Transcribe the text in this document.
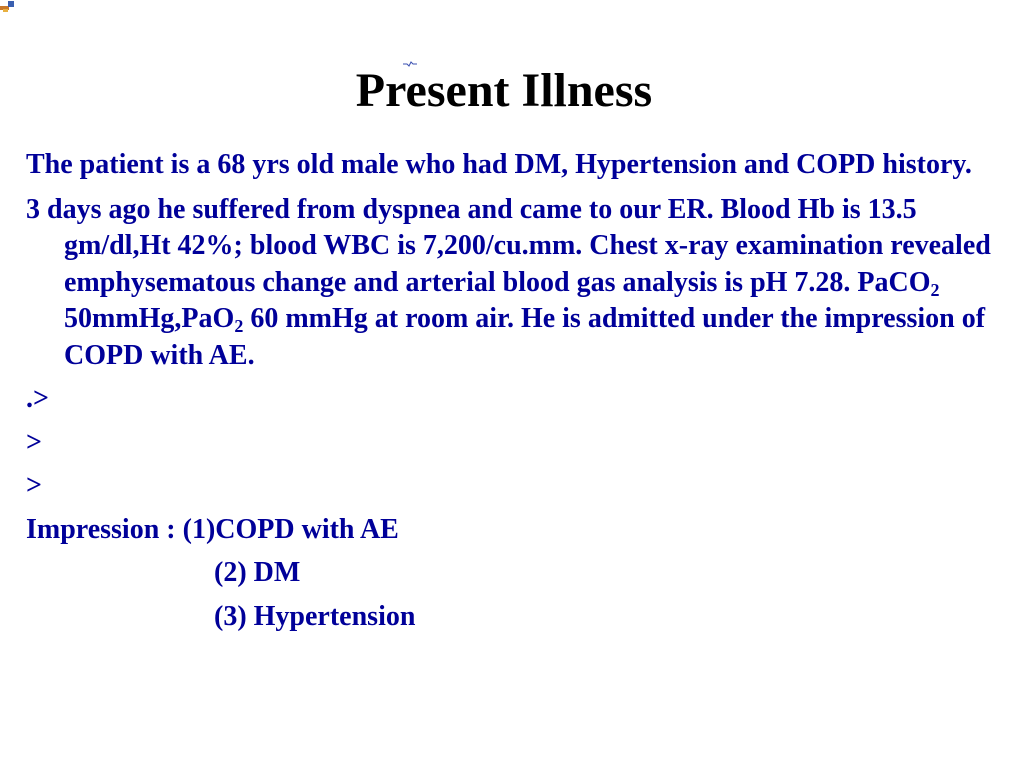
Present Illness

The patient is a 68 yrs old male who had DM, Hypertension and COPD history.

3 days ago he suffered from dyspnea and came to our ER. Blood Hb is 13.5 gm/dl,Ht 42%; blood WBC is 7,200/cu.mm. Chest x-ray examination revealed emphysematous change and arterial blood gas analysis is pH 7.28. PaCO$_2$ 50mmHg,PaO$_2$ 60 mmHg at room air. He is admitted under the impression of COPD with AE.

.>

>

>

Impression : (1)COPD with AE

(2) DM

(3) Hypertension
